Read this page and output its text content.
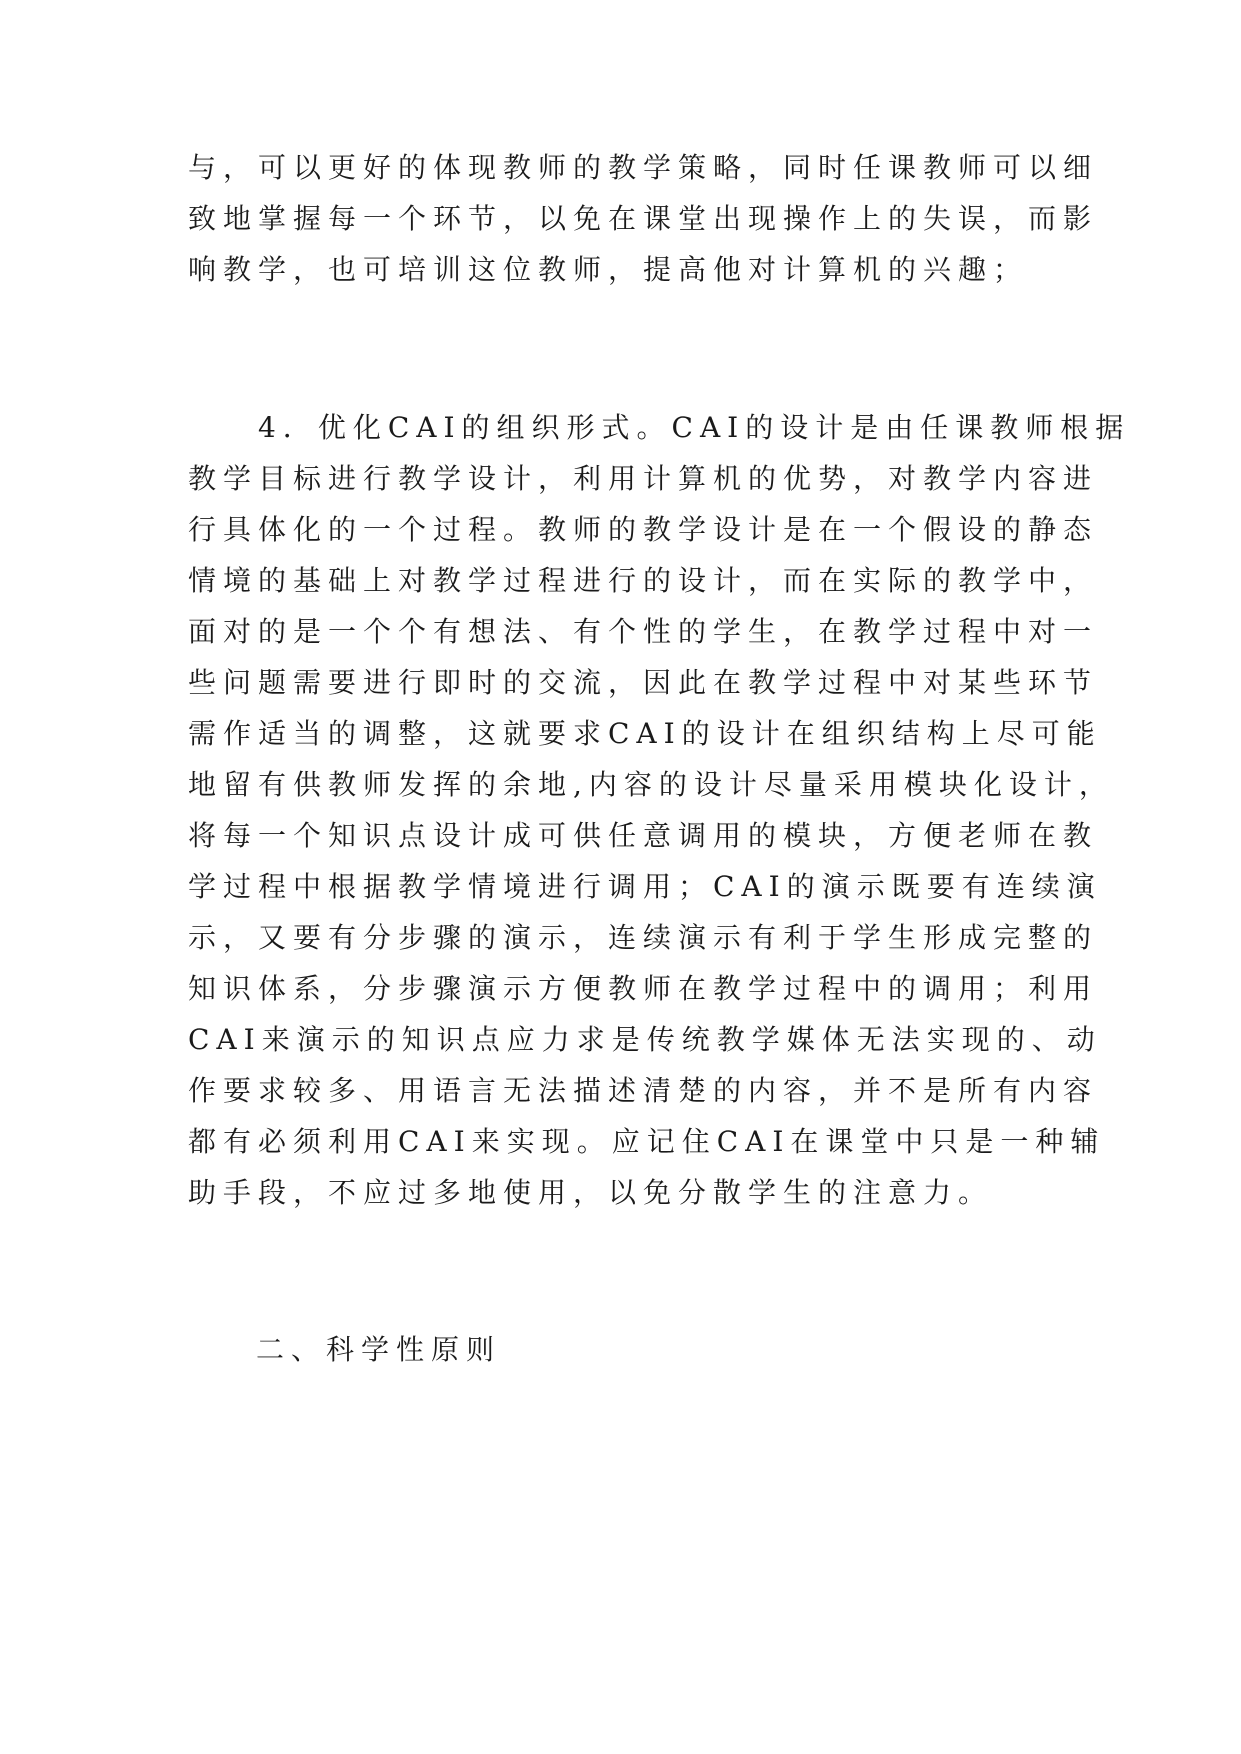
与，可以更好的体现教师的教学策略，同时任课教师可以细
致地掌握每一个环节，以免在课堂出现操作上的失误，而影
响教学，也可培训这位教师，提高他对计算机的兴趣；
　　4．优化CAI的组织形式。CAI的设计是由任课教师根据
教学目标进行教学设计，利用计算机的优势，对教学内容进
行具体化的一个过程。教师的教学设计是在一个假设的静态
情境的基础上对教学过程进行的设计，而在实际的教学中，
面对的是一个个有想法、有个性的学生，在教学过程中对一
些问题需要进行即时的交流，因此在教学过程中对某些环节
需作适当的调整，这就要求CAI的设计在组织结构上尽可能
地留有供教师发挥的余地,内容的设计尽量采用模块化设计，
将每一个知识点设计成可供任意调用的模块，方便老师在教
学过程中根据教学情境进行调用；CAI的演示既要有连续演
示，又要有分步骤的演示，连续演示有利于学生形成完整的
知识体系，分步骤演示方便教师在教学过程中的调用；利用
CAI来演示的知识点应力求是传统教学媒体无法实现的、动
作要求较多、用语言无法描述清楚的内容，并不是所有内容
都有必须利用CAI来实现。应记住CAI在课堂中只是一种辅
助手段，不应过多地使用，以免分散学生的注意力。
二、科学性原则
